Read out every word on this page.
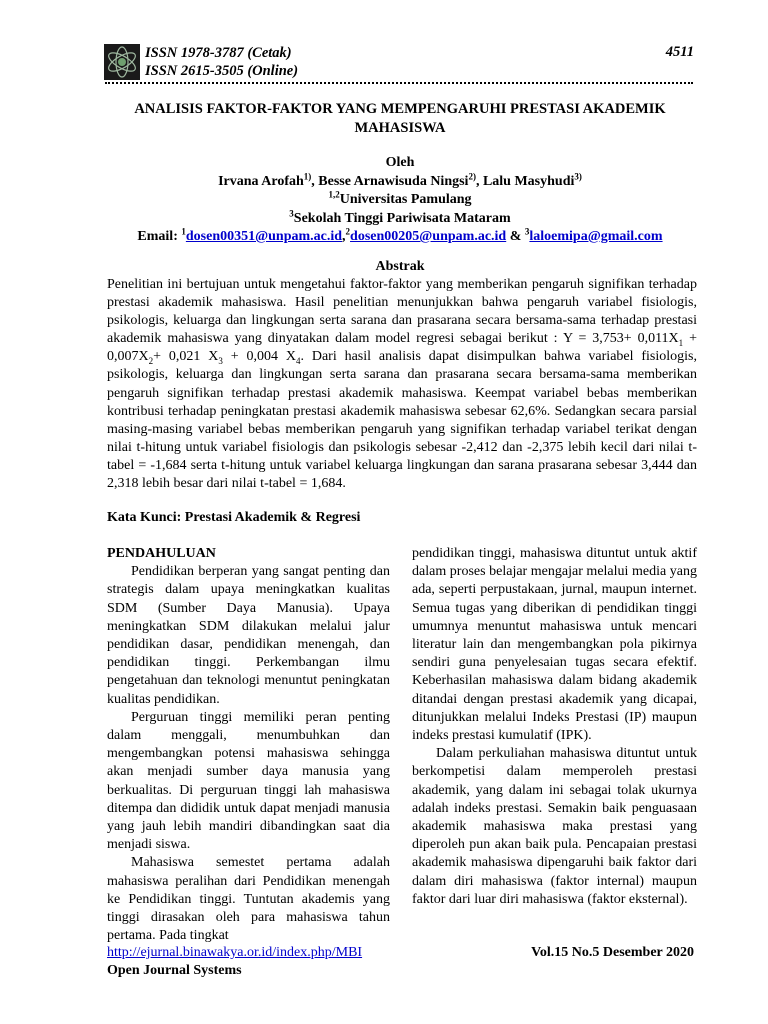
ISSN 1978-3787 (Cetak)
ISSN 2615-3505 (Online)
4511
ANALISIS FAKTOR-FAKTOR YANG MEMPENGARUHI PRESTASI AKADEMIK
MAHASISWA
Oleh
Irvana Arofah$^{1)}$, Besse Arnawisuda Ningsi$^{2)}$, Lalu Masyhudi$^{3)}$
$^{1,2}$Universitas Pamulang
$^3$Sekolah Tinggi Pariwisata Mataram
Email: $^1$dosen00351@unpam.ac.id,$^2$dosen00205@unpam.ac.id & $^3$laloemipa@gmail.com
Abstrak
Penelitian ini bertujuan untuk mengetahui faktor-faktor yang memberikan pengaruh signifikan terhadap prestasi akademik mahasiswa. Hasil penelitian menunjukkan bahwa pengaruh variabel fisiologis, psikologis, keluarga dan lingkungan serta sarana dan prasarana secara bersama-sama terhadap prestasi akademik mahasiswa yang dinyatakan dalam model regresi sebagai berikut : $Y = 3,753+ 0,011X_1 + 0,007X_2+ 0,021$ $X_3 + 0,004$ $X_4$. Dari hasil analisis dapat disimpulkan bahwa variabel fisiologis, psikologis, keluarga dan lingkungan serta sarana dan prasarana secara bersama-sama memberikan pengaruh signifikan terhadap prestasi akademik mahasiswa. Keempat variabel bebas memberikan kontribusi terhadap peningkatan prestasi akademik mahasiswa sebesar 62,6%. Sedangkan secara parsial masing-masing variabel bebas memberikan pengaruh yang signifikan terhadap variabel terikat dengan nilai t-hitung untuk variabel fisiologis dan psikologis sebesar -2,412 dan -2,375 lebih kecil dari nilai t-tabel = -1,684 serta t-hitung untuk variabel keluarga lingkungan dan sarana prasarana sebesar 3,444 dan 2,318 lebih besar dari nilai t-tabel = 1,684.
Kata Kunci: Prestasi Akademik & Regresi

PENDAHULUAN

Pendidikan berperan yang sangat penting dan strategis dalam upaya meningkatkan kualitas SDM (Sumber Daya Manusia). Upaya meningkatkan SDM dilakukan melalui jalur pendidikan dasar, pendidikan menengah, dan pendidikan tinggi. Perkembangan ilmu pengetahuan dan teknologi menuntut peningkatan kualitas pendidikan.

Perguruan tinggi memiliki peran penting dalam menggali, menumbuhkan dan mengembangkan potensi mahasiswa sehingga akan menjadi sumber daya manusia yang berkualitas. Di perguruan tinggi lah mahasiswa ditempa dan dididik untuk dapat menjadi manusia yang jauh lebih mandiri dibandingkan saat dia menjadi siswa.

Mahasiswa semestet pertama adalah mahasiswa peralihan dari Pendidikan menengah ke Pendidikan tinggi. Tuntutan akademis yang tinggi dirasakan oleh para mahasiswa tahun pertama. Pada tingkat

pendidikan tinggi, mahasiswa dituntut untuk aktif dalam proses belajar mengajar melalui media yang ada, seperti perpustakaan, jurnal, maupun internet. Semua tugas yang diberikan di pendidikan tinggi umumnya menuntut mahasiswa untuk mencari literatur lain dan mengembangkan pola pikirnya sendiri guna penyelesaian tugas secara efektif. Keberhasilan mahasiswa dalam bidang akademik ditandai dengan prestasi akademik yang dicapai, ditunjukkan melalui Indeks Prestasi (IP) maupun indeks prestasi kumulatif (IPK).

Dalam perkuliahan mahasiswa dituntut untuk berkompetisi dalam memperoleh prestasi akademik, yang dalam ini sebagai tolak ukurnya adalah indeks prestasi. Semakin baik penguasaan akademik mahasiswa maka prestasi yang diperoleh pun akan baik pula. Pencapaian prestasi akademik mahasiswa dipengaruhi baik faktor dari dalam diri mahasiswa (faktor internal) maupun faktor dari luar diri mahasiswa (faktor eksternal).

http://ejurnal.binawakya.or.id/index.php/MBI	Vol.15 No.5 Desember 2020
Open Journal Systems
